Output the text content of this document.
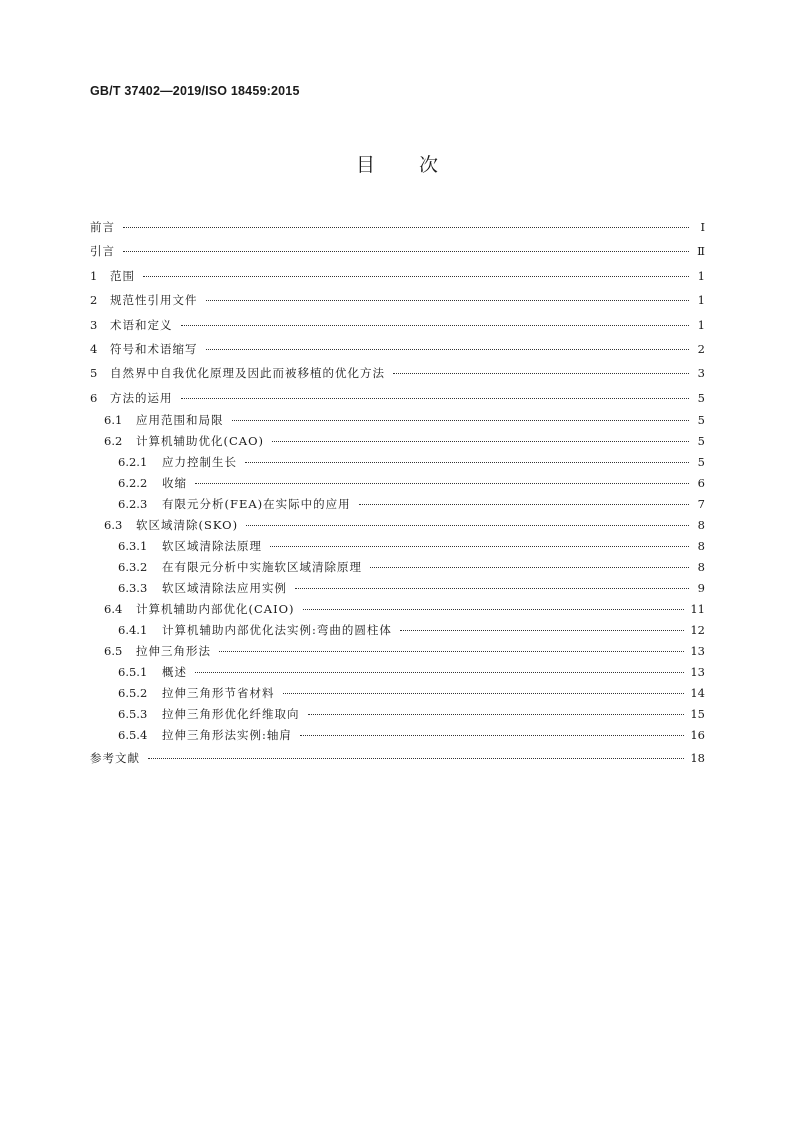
GB/T 37402—2019/ISO 18459:2015
目次
前言	Ⅰ
引言	Ⅱ
1	范围	1
2	规范性引用文件	1
3	术语和定义	1
4	符号和术语缩写	2
5	自然界中自我优化原理及因此而被移植的优化方法	3
6	方法的运用	5
6.1	应用范围和局限	5
6.2	计算机辅助优化(CAO)	5
6.2.1	应力控制生长	5
6.2.2	收缩	6
6.2.3	有限元分析(FEA)在实际中的应用	7
6.3	软区域清除(SKO)	8
6.3.1	软区域清除法原理	8
6.3.2	在有限元分析中实施软区域清除原理	8
6.3.3	软区域清除法应用实例	9
6.4	计算机辅助内部优化(CAIO)	11
6.4.1	计算机辅助内部优化法实例:弯曲的圆柱体	12
6.5	拉伸三角形法	13
6.5.1	概述	13
6.5.2	拉伸三角形节省材料	14
6.5.3	拉伸三角形优化纤维取向	15
6.5.4	拉伸三角形法实例:轴肩	16
参考文献	18
